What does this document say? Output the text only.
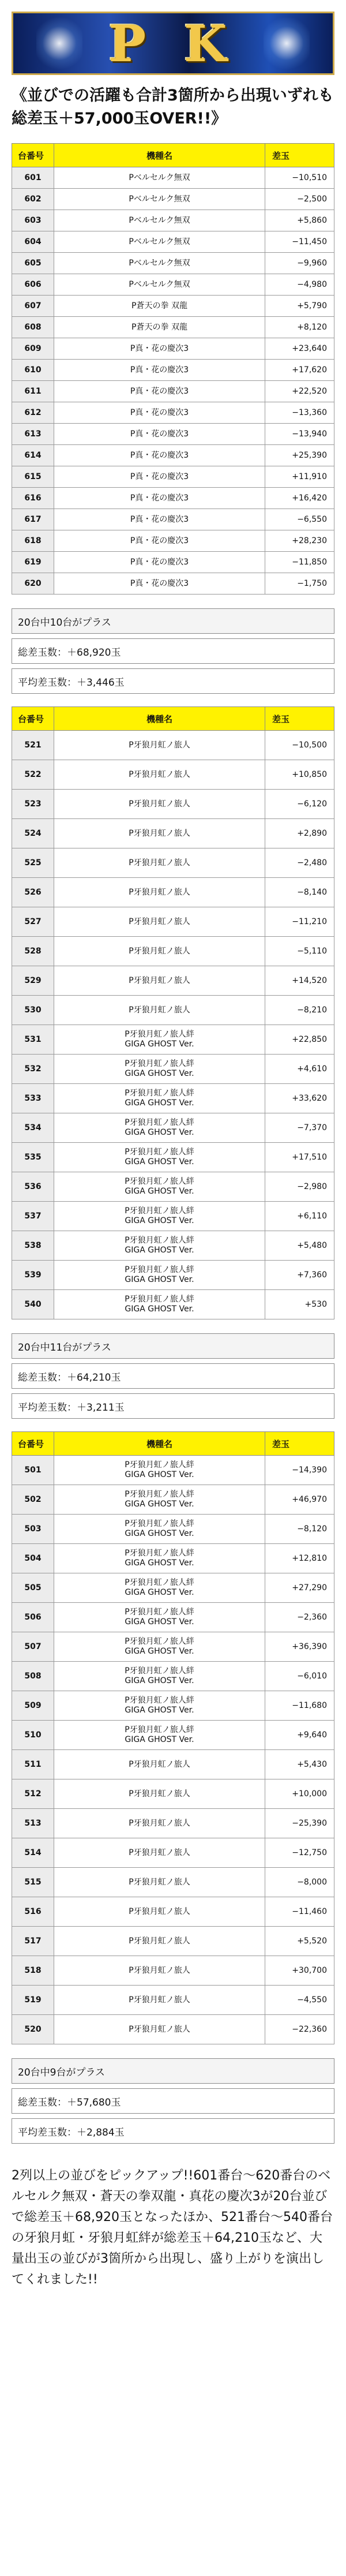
P K
《並びでの活躍も合計3箇所から出現いずれも総差玉＋57,000玉OVER!!》
台番号	機種名	差玉
601	Pベルセルク無双	−10,510
602	Pベルセルク無双	−2,500
603	Pベルセルク無双	+5,860
604	Pベルセルク無双	−11,450
605	Pベルセルク無双	−9,960
606	Pベルセルク無双	−4,980
607	P蒼天の拳 双龍	+5,790
608	P蒼天の拳 双龍	+8,120
609	P真・花の慶次3	+23,640
610	P真・花の慶次3	+17,620
611	P真・花の慶次3	+22,520
612	P真・花の慶次3	−13,360
613	P真・花の慶次3	−13,940
614	P真・花の慶次3	+25,390
615	P真・花の慶次3	+11,910
616	P真・花の慶次3	+16,420
617	P真・花の慶次3	−6,550
618	P真・花の慶次3	+28,230
619	P真・花の慶次3	−11,850
620	P真・花の慶次3	−1,750
20台中10台がプラス

総差玉数：＋68,920玉

平均差玉数：＋3,446玉
台番号	機種名	差玉
521	P牙狼月虹ノ旅人	−10,500
522	P牙狼月虹ノ旅人	+10,850
523	P牙狼月虹ノ旅人	−6,120
524	P牙狼月虹ノ旅人	+2,890
525	P牙狼月虹ノ旅人	−2,480
526	P牙狼月虹ノ旅人	−8,140
527	P牙狼月虹ノ旅人	−11,210
528	P牙狼月虹ノ旅人	−5,110
529	P牙狼月虹ノ旅人	+14,520
530	P牙狼月虹ノ旅人	−8,210
531	P牙狼月虹ノ旅人絆
GIGA GHOST Ver.	+22,850
532	P牙狼月虹ノ旅人絆
GIGA GHOST Ver.	+4,610
533	P牙狼月虹ノ旅人絆
GIGA GHOST Ver.	+33,620
534	P牙狼月虹ノ旅人絆
GIGA GHOST Ver.	−7,370
535	P牙狼月虹ノ旅人絆
GIGA GHOST Ver.	+17,510
536	P牙狼月虹ノ旅人絆
GIGA GHOST Ver.	−2,980
537	P牙狼月虹ノ旅人絆
GIGA GHOST Ver.	+6,110
538	P牙狼月虹ノ旅人絆
GIGA GHOST Ver.	+5,480
539	P牙狼月虹ノ旅人絆
GIGA GHOST Ver.	+7,360
540	P牙狼月虹ノ旅人絆
GIGA GHOST Ver.	+530
20台中11台がプラス

総差玉数：＋64,210玉

平均差玉数：＋3,211玉
台番号	機種名	差玉
501	P牙狼月虹ノ旅人絆
GIGA GHOST Ver.	−14,390
502	P牙狼月虹ノ旅人絆
GIGA GHOST Ver.	+46,970
503	P牙狼月虹ノ旅人絆
GIGA GHOST Ver.	−8,120
504	P牙狼月虹ノ旅人絆
GIGA GHOST Ver.	+12,810
505	P牙狼月虹ノ旅人絆
GIGA GHOST Ver.	+27,290
506	P牙狼月虹ノ旅人絆
GIGA GHOST Ver.	−2,360
507	P牙狼月虹ノ旅人絆
GIGA GHOST Ver.	+36,390
508	P牙狼月虹ノ旅人絆
GIGA GHOST Ver.	−6,010
509	P牙狼月虹ノ旅人絆
GIGA GHOST Ver.	−11,680
510	P牙狼月虹ノ旅人絆
GIGA GHOST Ver.	+9,640
511	P牙狼月虹ノ旅人	+5,430
512	P牙狼月虹ノ旅人	+10,000
513	P牙狼月虹ノ旅人	−25,390
514	P牙狼月虹ノ旅人	−12,750
515	P牙狼月虹ノ旅人	−8,000
516	P牙狼月虹ノ旅人	−11,460
517	P牙狼月虹ノ旅人	+5,520
518	P牙狼月虹ノ旅人	+30,700
519	P牙狼月虹ノ旅人	−4,550
520	P牙狼月虹ノ旅人	−22,360
20台中9台がプラス

総差玉数：＋57,680玉

平均差玉数：＋2,884玉
2列以上の並びをピックアップ!!601番台〜620番台のベルセルク無双・蒼天の拳双龍・真花の慶次3が20台並びで総差玉＋68,920玉となったほか、521番台〜540番台の牙狼月虹・牙狼月虹絆が総差玉＋64,210玉など、大量出玉の並びが3箇所から出現し、盛り上がりを演出してくれました!!
